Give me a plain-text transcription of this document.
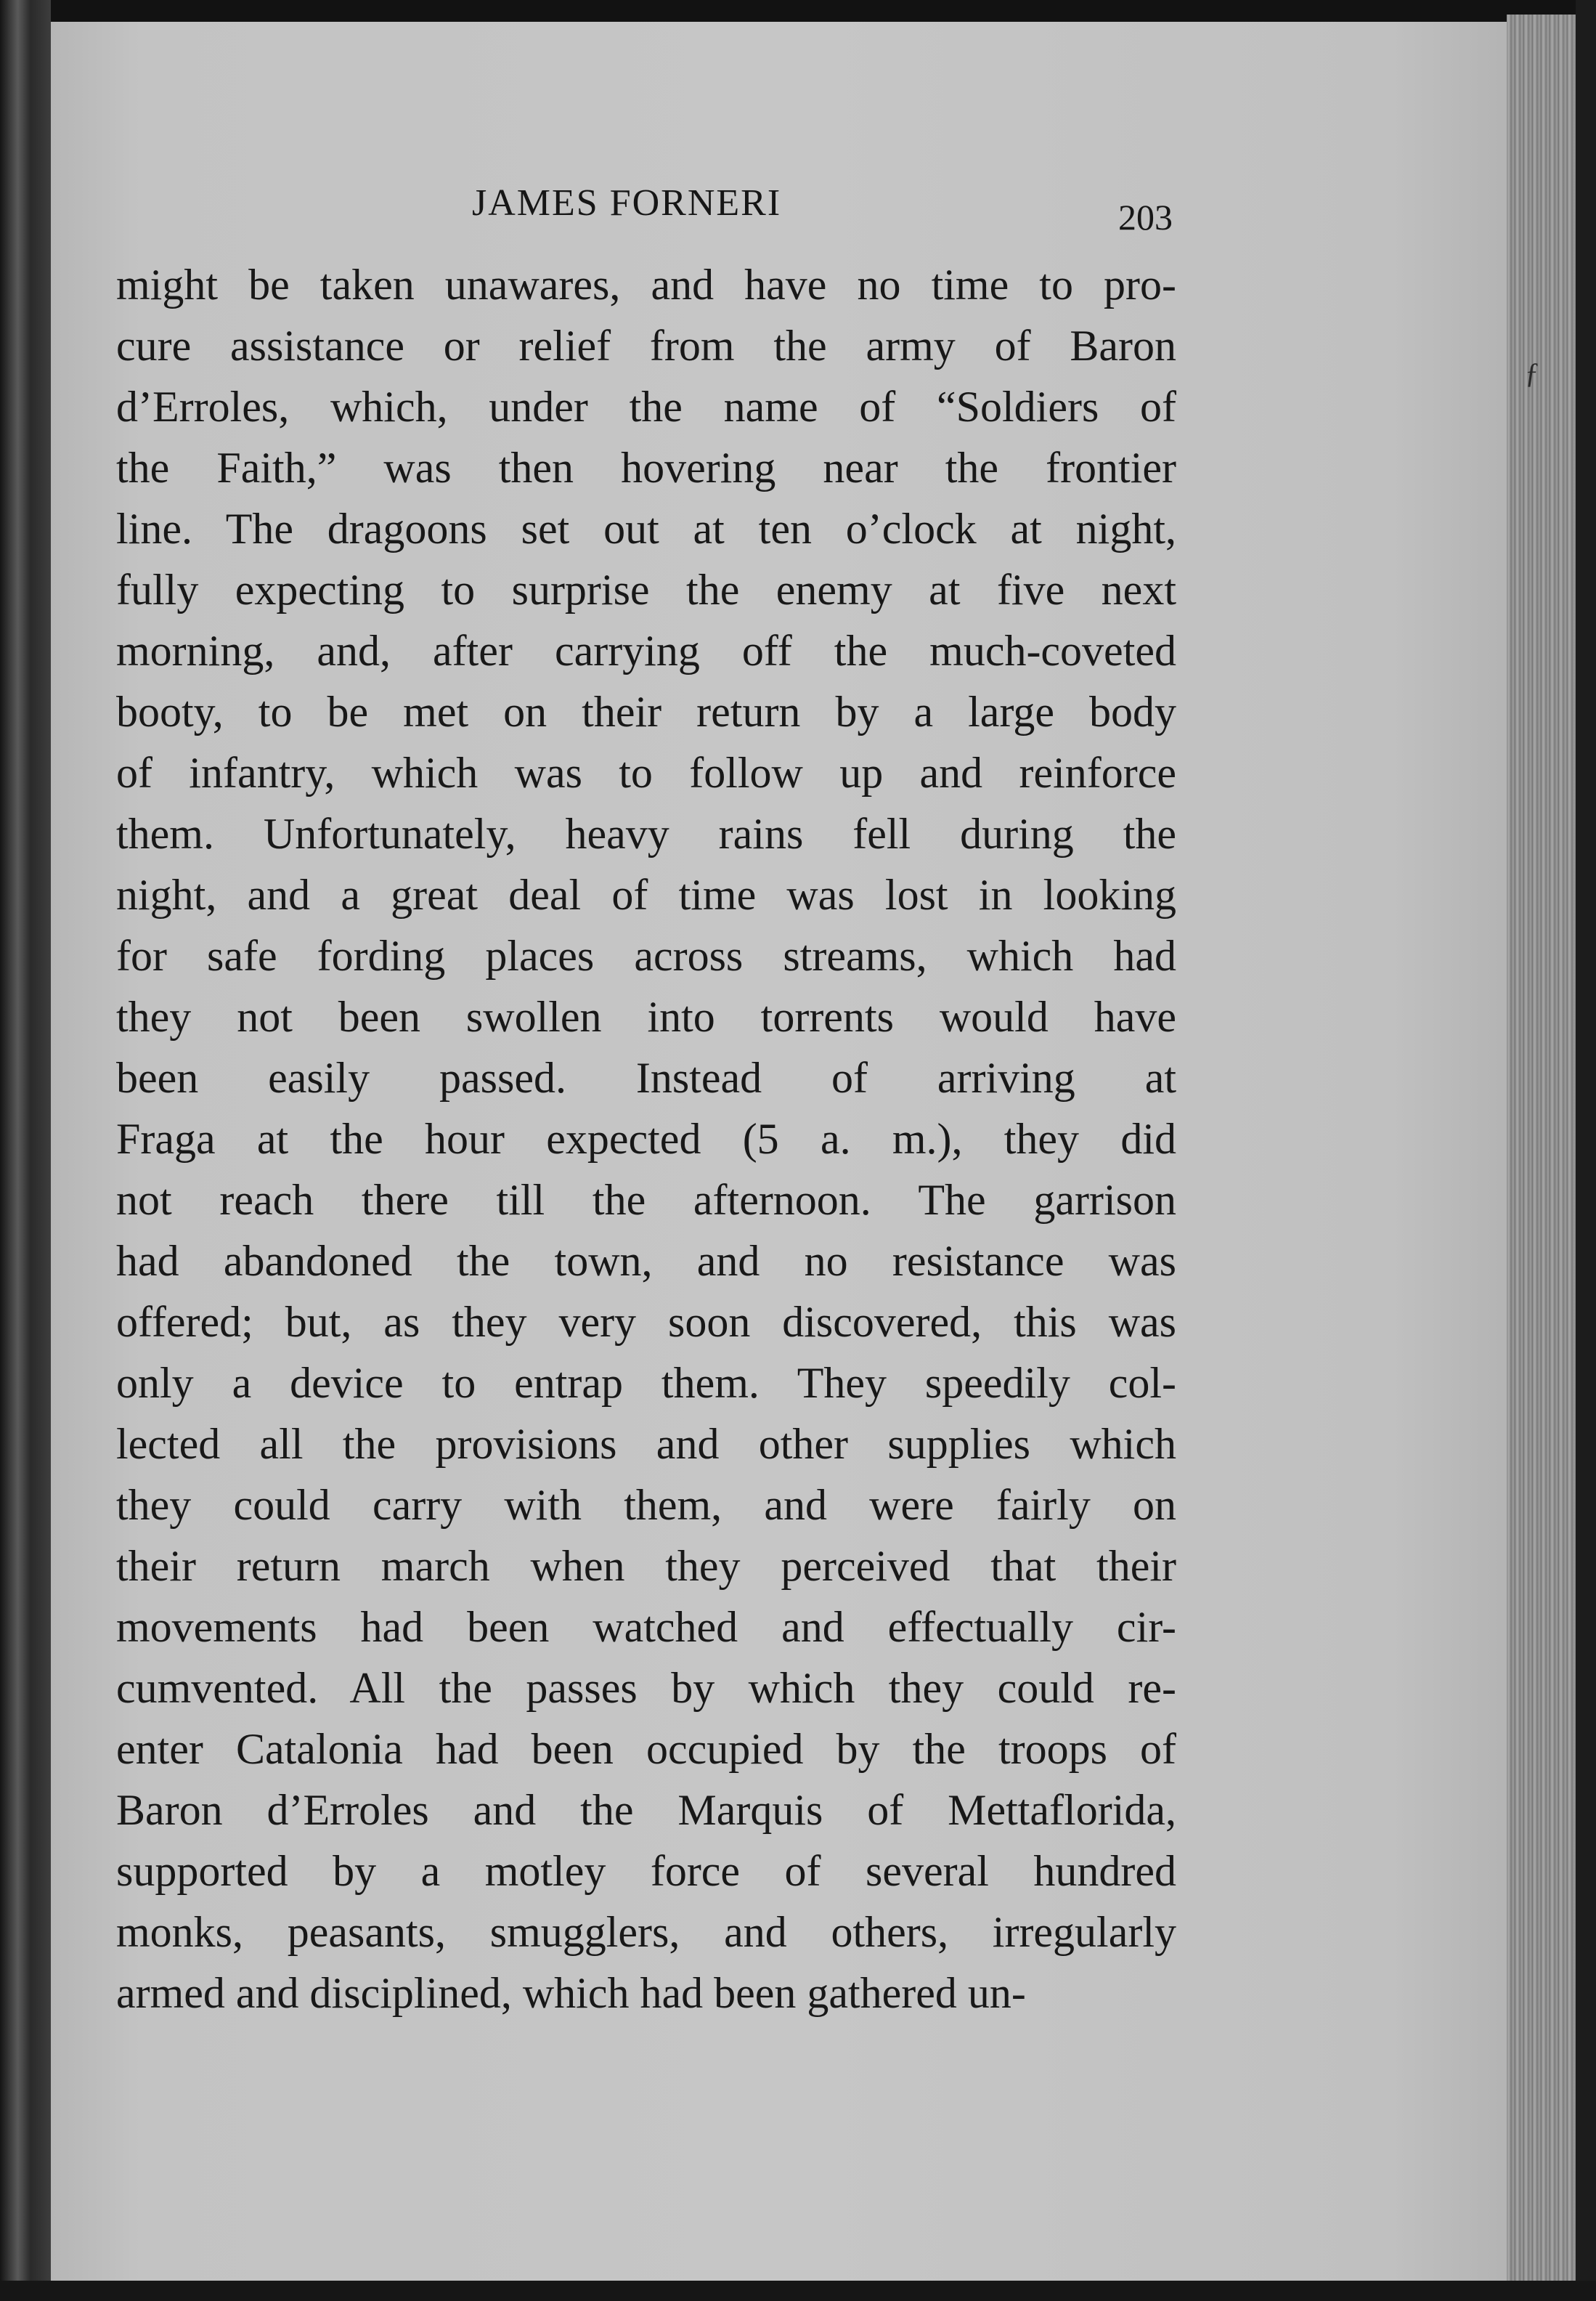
JAMES FORNERI	203
ƒ
might be taken unawares, and have no time to pro-
cure assistance or relief from the army of Baron
d’Erroles, which, under the name of “Soldiers of
the Faith,” was then hovering near the frontier
line. The dragoons set out at ten o’clock at night,
fully expecting to surprise the enemy at five next
morning, and, after carrying off the much-coveted
booty, to be met on their return by a large body
of infantry, which was to follow up and reinforce
them. Unfortunately, heavy rains fell during the
night, and a great deal of time was lost in looking
for safe fording places across streams, which had
they not been swollen into torrents would have
been easily passed. Instead of arriving at
Fraga at the hour expected (5 a. m.), they did
not reach there till the afternoon. The garrison
had abandoned the town, and no resistance was
offered; but, as they very soon discovered, this was
only a device to entrap them. They speedily col-
lected all the provisions and other supplies which
they could carry with them, and were fairly on
their return march when they perceived that their
movements had been watched and effectually cir-
cumvented. All the passes by which they could re-
enter Catalonia had been occupied by the troops of
Baron d’Erroles and the Marquis of Mettaflorida,
supported by a motley force of several hundred
monks, peasants, smugglers, and others, irregularly
armed and disciplined, which had been gathered un-
